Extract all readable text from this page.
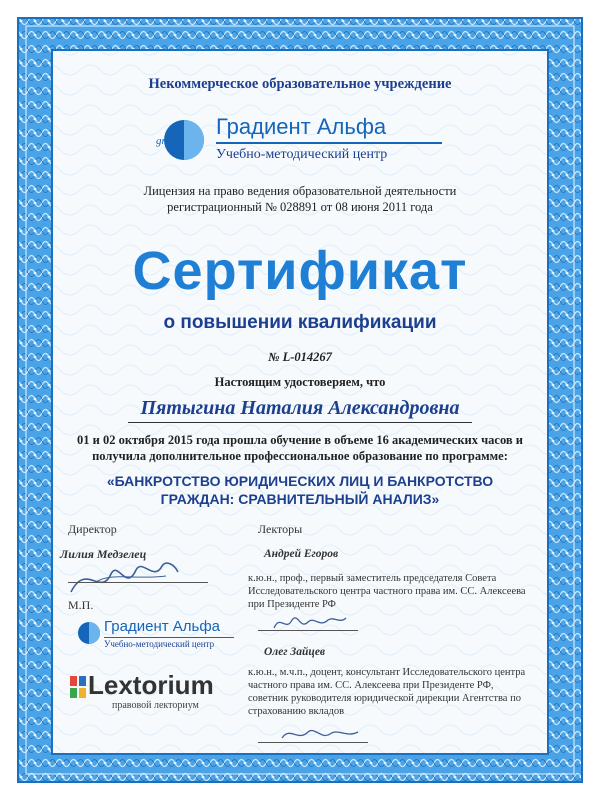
Некоммерческое образовательное учреждение
grad
Градиент Альфа
Учебно-методический центр
Лицензия на право ведения образовательной деятельности
регистрационный № 028891 от 08 июня 2011 года
Сертификат
о повышении квалификации
№ L-014267
Настоящим удостоверяем, что
Пятыгина Наталия Александровна
01 и 02 октября 2015 года прошла обучение в объеме 16 академических часов и
получила дополнительное профессиональное образование по программе:
«БАНКРОТСТВО ЮРИДИЧЕСКИХ ЛИЦ И БАНКРОТСТВО
ГРАЖДАН: СРАВНИТЕЛЬНЫЙ АНАЛИЗ»
Директор
Лилия Медзелец
М.П.
Градиент Альфа
Учебно-методический центр
Lextorium
правовой лекториум
Лекторы
Андрей Егоров
к.ю.н., проф., первый заместитель председателя Совета
Исследовательского центра частного права им. СС. Алексеева
при Президенте РФ
Олег Зайцев
к.ю.н., м.ч.п., доцент, консультант Исследовательского центра
частного права им. СС. Алексеева при Президенте РФ,
советник руководителя юридической дирекции Агентства по
страхованию вкладов
